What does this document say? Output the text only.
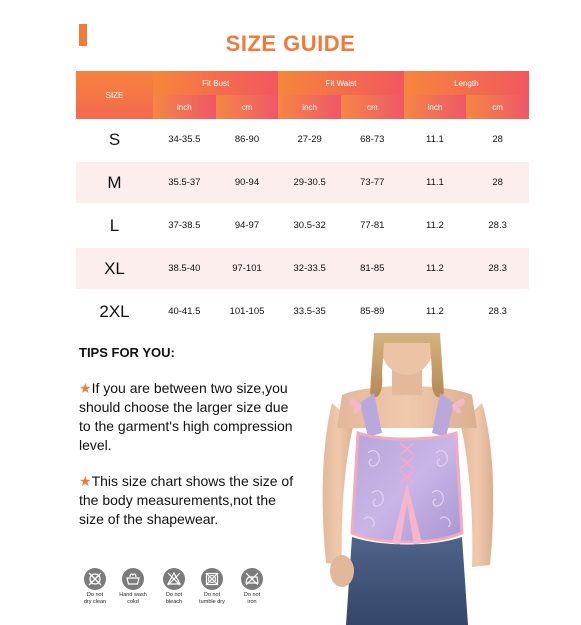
SIZE GUIDE
SIZE	Fit Bust		Fit Waist		Length	
	inch	cm	inch	cm	inch	cm
S	34-35.5	86-90	27-29	68-73	11.1	28
M	35.5-37	90-94	29-30.5	73-77	11.1	28
L	37-38.5	94-97	30.5-32	77-81	11.2	28.3
XL	38.5-40	97-101	32-33.5	81-85	11.2	28.3
2XL	40-41.5	101-105	33.5-35	85-89	11.2	28.3
TIPS FOR YOU:
★If you are between two size,you should choose the larger size due to the garment's high compression level.
★This size chart shows the size of the body measurements,not the size of the shapewear.
Do not
dry clean
Hand wash
cokd
Do not
bleach
Do not
tumble dry
Do not
iron
